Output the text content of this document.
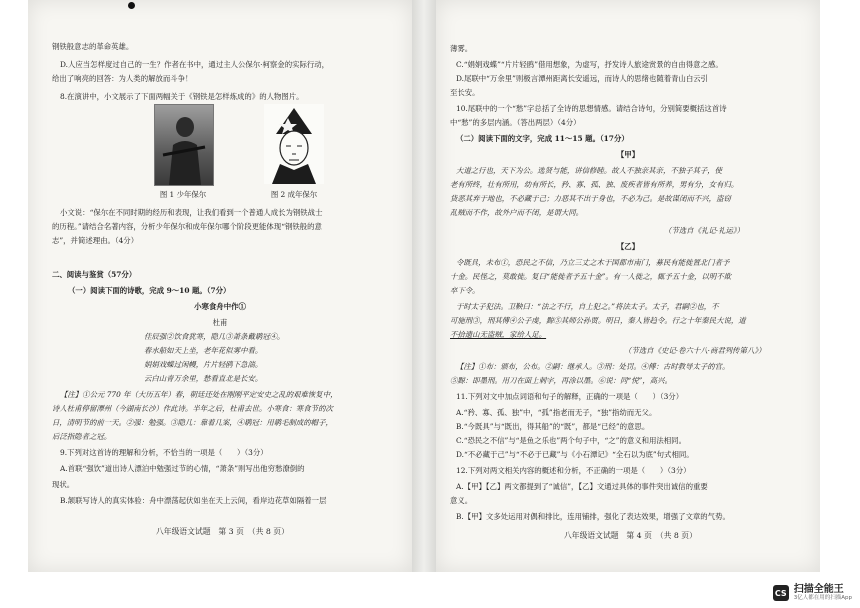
钢铁般意志的革命英雄。
D.人应当怎样度过自己的一生？作者在书中，通过主人公保尔·柯察金的实际行动，
给出了响亮的回答：为人类的解放而斗争！
8.在演讲中，小文展示了下面两幅关于《钢铁是怎样炼成的》的人物图片。
图 1 少年保尔	图 2 成年保尔
小文说：“保尔在不同时期的经历和表现，让我们看到一个普通人成长为钢铁战士
的历程。”请结合名著内容，分析少年保尔和成年保尔哪个阶段更能体现“钢铁般的意
志”，并简述理由。（4分）
二、阅读与鉴赏（57分）
（一）阅读下面的诗歌，完成 9～10 题。（7分）
小寒食舟中作①
杜甫
佳辰强②饮食犹寒，隐几③萧条戴鹖冠④。
春水船如天上坐，老年花似雾中看。
娟娟戏蝶过闲幔，片片轻鸥下急湍。
云白山青万余里，愁看直北是长安。
【注】①公元 770 年（大历五年）春，朝廷还处在刚刚平定安史之乱的艰难恢复中，
诗人杜甫停留潭州（今湖南长沙）作此诗。半年之后，杜甫去世。小寒食：寒食节的次
日，清明节的前一天。②强：勉强。③隐几：靠着几案，④鹖冠：用鹖毛制成的帽子，
后泛指隐者之冠。
9.下列对这首诗的理解和分析，不恰当的一项是（　　）（3分）
A.首联“强饮”道出诗人漂泊中勉强过节的心情，“萧条”则写出他穷愁潦倒的
现状。
B.颔联写诗人的真实体验：舟中漂荡起伏如坐在天上云间，看岸边花草如隔着一层
八年级语文试题　第 3 页　（共 8 页）
薄雾。
C.“娟娟戏蝶”“片片轻鸥”借用想象，为虚写，抒发诗人旅途赏景的自由得意之感。
D.尾联中“万余里”则极言潭州距离长安遥远，而诗人的思绪也随着青山白云引
至长安。
10.尾联中的一个“愁”字总括了全诗的思想情感。请结合诗句，分别简要概括这首诗
中“愁”的多层内涵。（答出两层）（4分）
（二）阅读下面的文字，完成 11～15 题。（17分）
【甲】
大道之行也，天下为公。选贤与能，讲信修睦。故人不独亲其亲，不独子其子，使
老有所终，壮有所用，幼有所长，矜、寡、孤、独、废疾者皆有所养，男有分，女有归。
货恶其弃于地也，不必藏于己；力恶其不出于身也，不必为己。是故谋闭而不兴，盗窃
乱贼而不作，故外户而不闭，是谓大同。
（节选自《礼记·礼运》）
【乙】
令既具，未布①，恐民之不信，乃立三丈之木于国都市南门，募民有能徙置北门者予
十金。民怪之，莫敢徙。复曰“能徙者予五十金”。有一人徙之，辄予五十金，以明不欺
卒下令。
于时太子犯法。卫鞅曰：“法之不行，自上犯之。”将法太子。太子，君嗣②也，不
可施刑③，刑其傅④公子虔，黥⑤其师公孙贾。明日，秦人皆趋令。行之十年秦民大说，道
不拾遗山无盗贼，家给人足。
（节选自《史记·卷六十八·商君列传第八》）
【注】①布：颁布，公布。②嗣：继承人。③刑：处罚。④傅：古时教导太子的官。
⑤黥：即墨刑。用刀在面上刺字，再涂以墨。⑥说：同“悦”，高兴。
11.下列对文中加点词语和句子的解释，正确的一项是（　　）（3分）
A.“矜、寡、孤、独”中，“孤”指老而无子，“独”指幼而无父。
B.“今既具”与“既出，得其船”的“既”，都是“已经”的意思。
C.“恐民之不信”与“是鱼之乐也”两个句子中，“之”的意义和用法相同。
D.“不必藏于己”与“不必于已藏”与《小石潭记》“全石以为底”句式相同。
12.下列对两文相关内容的概述和分析，不正确的一项是（　　）（3分）
A.【甲】【乙】两文都提到了“诚信”，【乙】文通过具体的事件突出诚信的重要
意义。
B.【甲】文多处运用对偶和排比，连用铺排，强化了表达效果，增强了文章的气势。
八年级语文试题　第 4 页　（共 8 页）
CS 扫描全能王
3亿人都在用的扫描App
